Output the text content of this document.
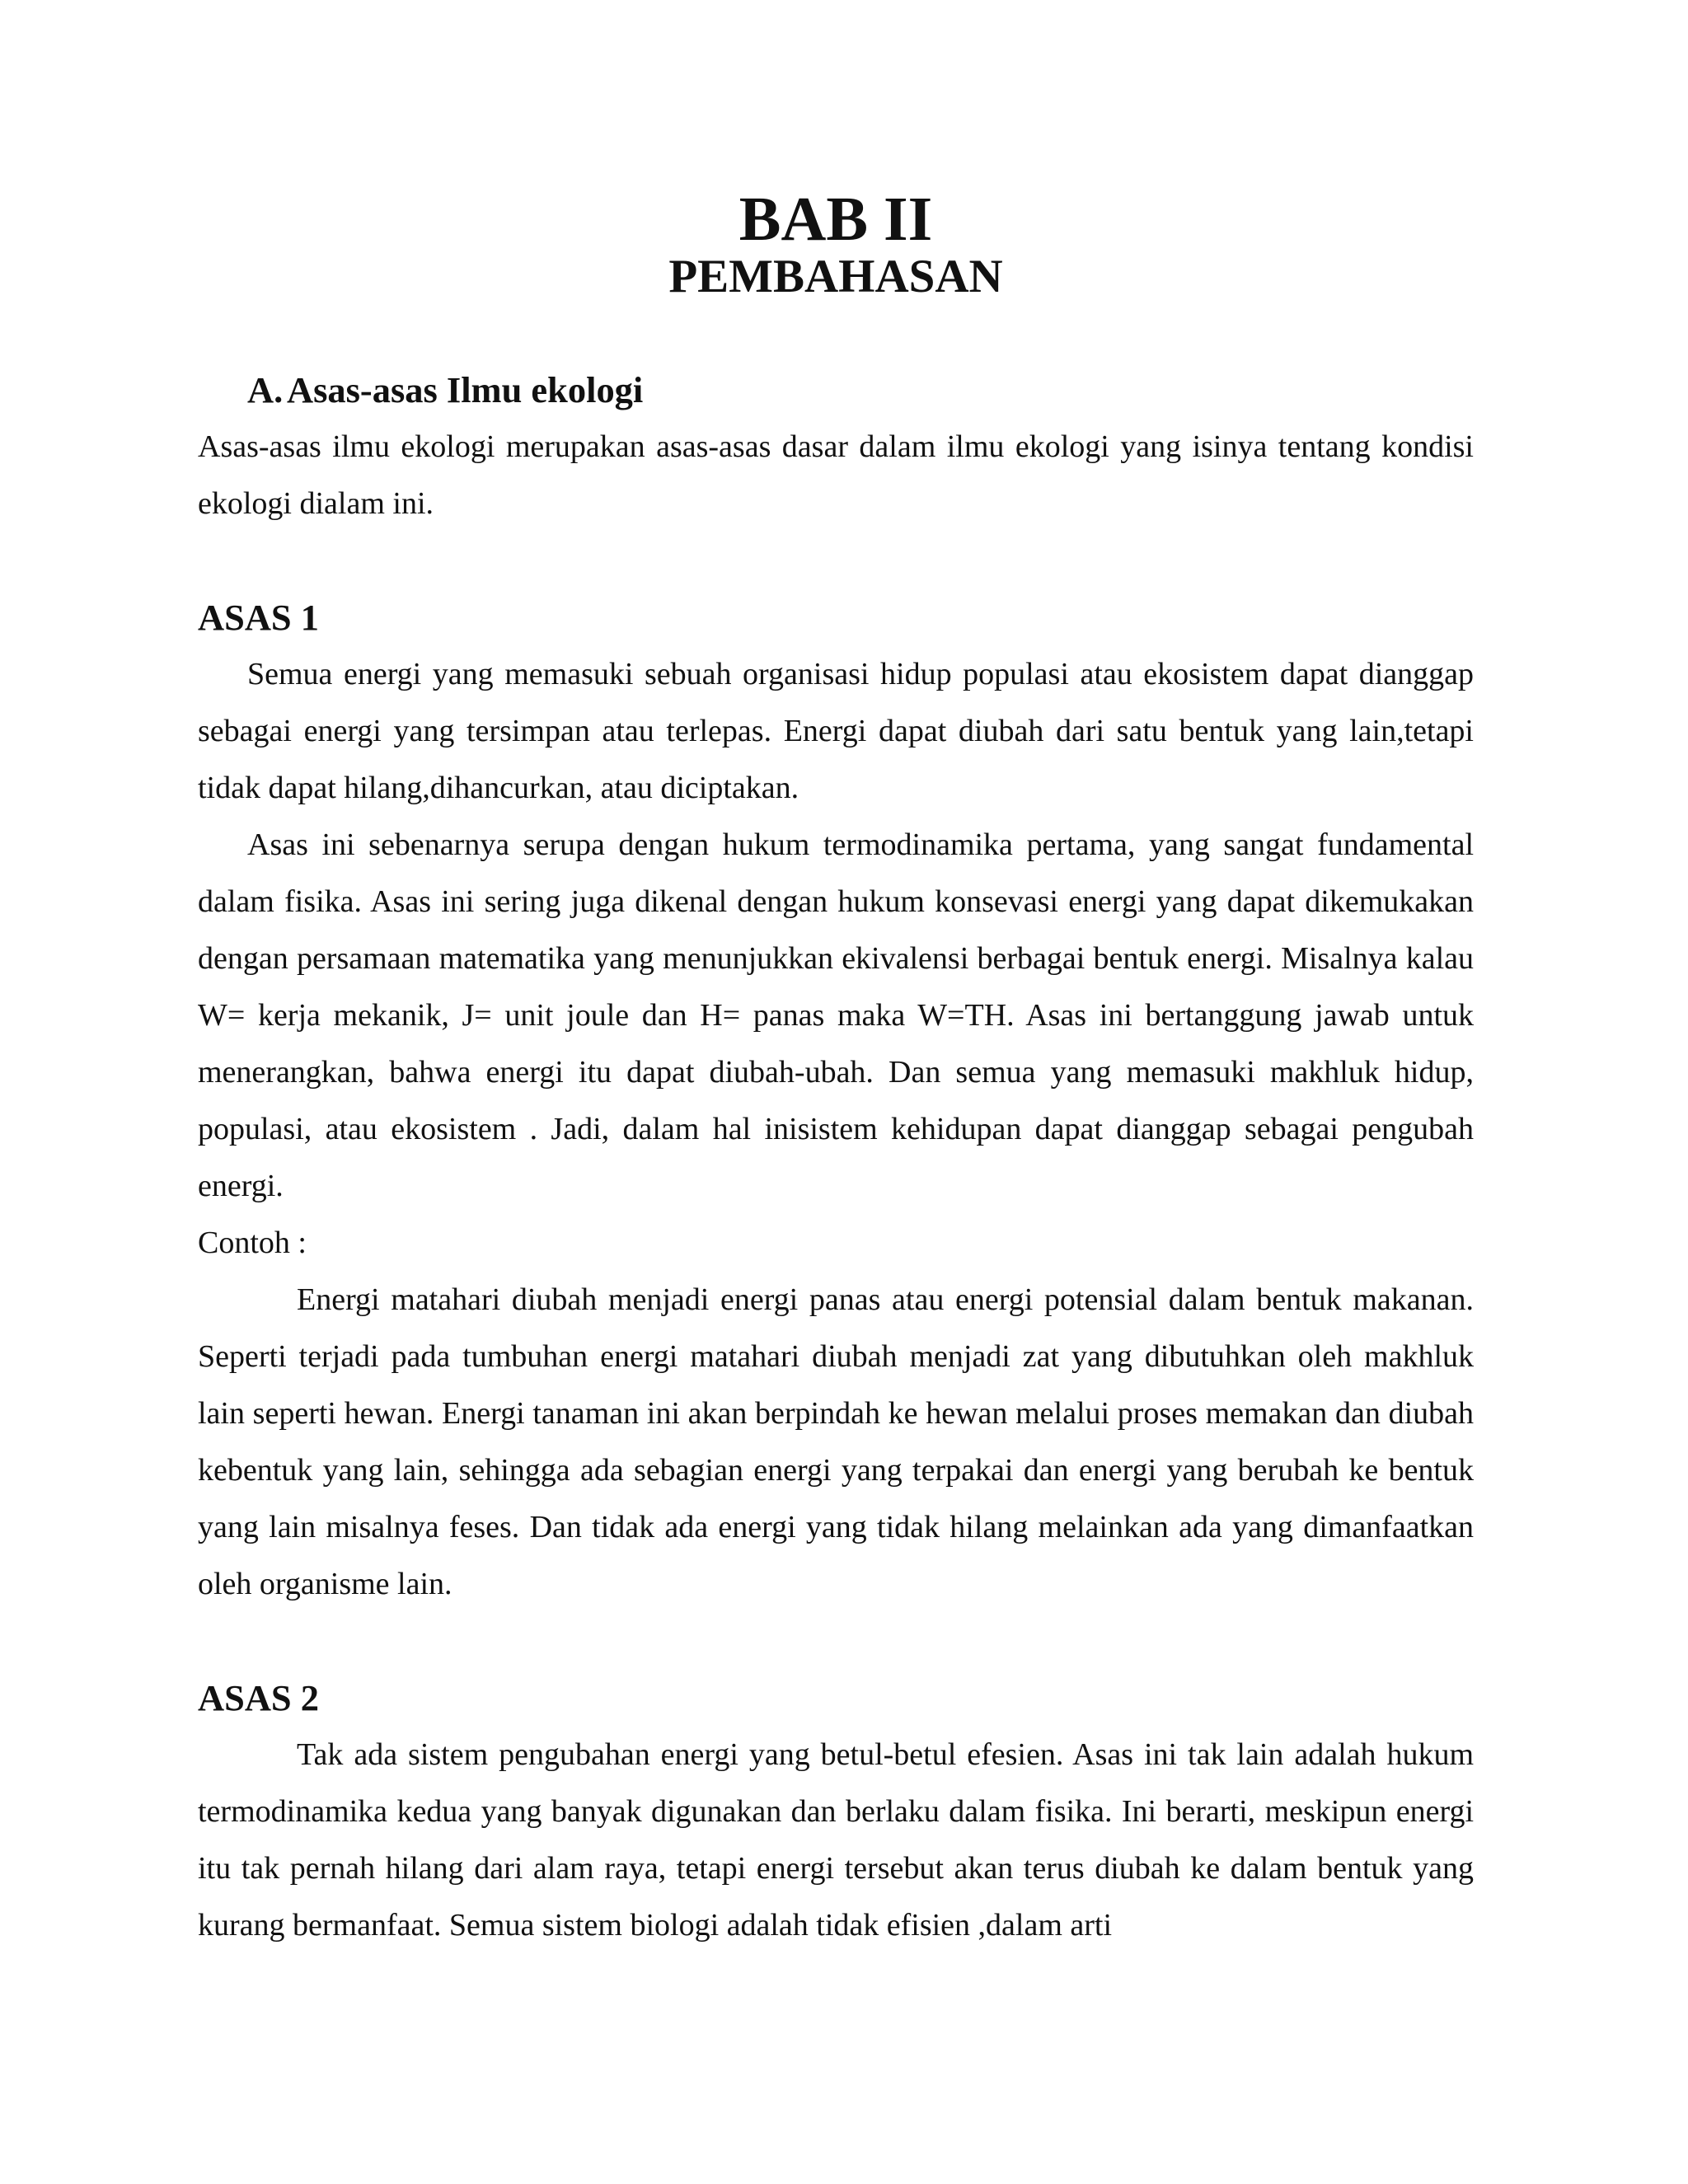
BAB II
PEMBAHASAN
A. Asas-asas Ilmu ekologi

Asas-asas ilmu ekologi merupakan asas-asas dasar dalam ilmu ekologi yang isinya tentang kondisi ekologi dialam ini.

ASAS 1

Semua energi yang memasuki sebuah organisasi hidup populasi atau ekosistem dapat dianggap sebagai energi yang tersimpan atau terlepas. Energi dapat diubah dari satu bentuk yang lain,tetapi tidak dapat hilang,dihancurkan, atau diciptakan.

Asas ini sebenarnya serupa dengan hukum termodinamika pertama, yang sangat fundamental dalam fisika. Asas ini sering juga dikenal dengan hukum konsevasi energi yang dapat dikemukakan dengan persamaan matematika yang menunjukkan ekivalensi berbagai bentuk energi. Misalnya kalau W= kerja mekanik, J= unit joule dan H= panas maka W=TH. Asas ini bertanggung jawab untuk menerangkan, bahwa energi itu dapat diubah-ubah. Dan semua yang memasuki makhluk hidup, populasi, atau ekosistem . Jadi, dalam hal inisistem kehidupan dapat dianggap sebagai pengubah energi.

Contoh :

Energi matahari diubah menjadi energi panas atau energi potensial dalam bentuk makanan. Seperti terjadi pada tumbuhan energi matahari diubah menjadi zat yang dibutuhkan oleh makhluk lain seperti hewan. Energi tanaman ini akan berpindah ke hewan melalui proses memakan dan diubah kebentuk yang lain, sehingga ada sebagian energi yang terpakai dan energi yang berubah ke bentuk yang lain misalnya feses. Dan tidak ada energi yang tidak hilang melainkan ada yang dimanfaatkan oleh organisme lain.

ASAS 2

Tak ada sistem pengubahan energi yang betul-betul efesien. Asas ini tak lain adalah hukum termodinamika kedua yang banyak digunakan dan berlaku dalam fisika. Ini berarti, meskipun energi itu tak pernah hilang dari alam raya, tetapi energi tersebut akan terus diubah ke dalam bentuk yang kurang bermanfaat. Semua sistem biologi adalah tidak efisien ,dalam arti
